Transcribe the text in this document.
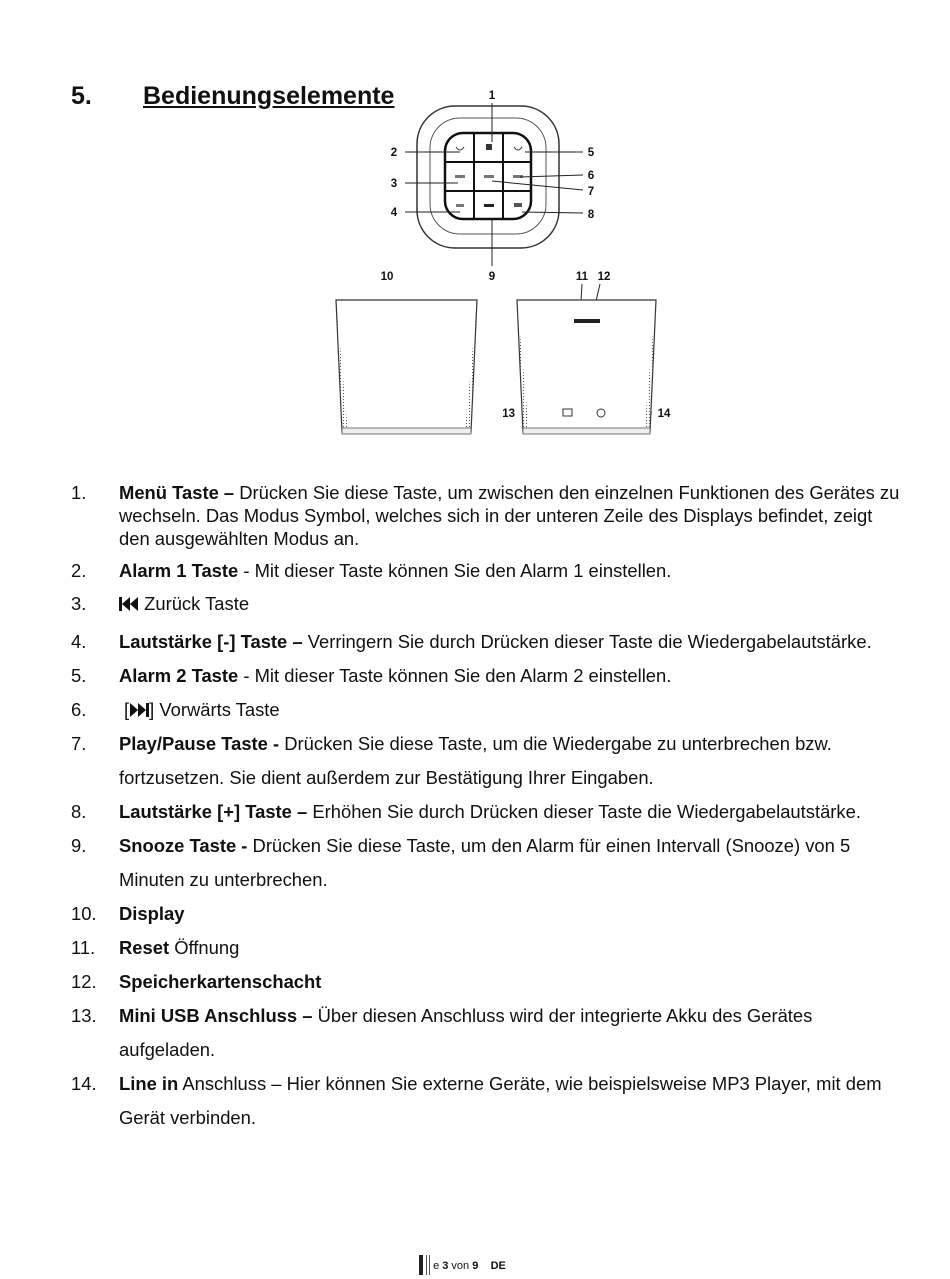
5. Bedienungselemente	1
2
3
4
5
6
7
8
9
10	11 12
13	14
1. Menü Taste – Drücken Sie diese Taste, um zwischen den einzelnen Funktionen des Gerätes zu wechseln. Das Modus Symbol, welches sich in der unteren Zeile des Displays befindet, zeigt den ausgewählten Modus an.
2. Alarm 1 Taste - Mit dieser Taste können Sie den Alarm 1 einstellen.
3.	Zurück Taste
4. Lautstärke [-] Taste – Verringern Sie durch Drücken dieser Taste die Wiedergabelautstärke.
5. Alarm 2 Taste - Mit dieser Taste können Sie den Alarm 2 einstellen.
6. [ ] Vorwärts Taste
7. Play/Pause Taste - Drücken Sie diese Taste, um die Wiedergabe zu unterbrechen bzw. fortzusetzen. Sie dient außerdem zur Bestätigung Ihrer Eingaben.
8. Lautstärke [+] Taste – Erhöhen Sie durch Drücken dieser Taste die Wiedergabelautstärke.
9. Snooze Taste - Drücken Sie diese Taste, um den Alarm für einen Intervall (Snooze) von 5 Minuten zu unterbrechen.
10. Display
11. Reset Öffnung
12. Speicherkartenschacht
13. Mini USB Anschluss – Über diesen Anschluss wird der integrierte Akku des Gerätes aufgeladen.
14. Line in Anschluss – Hier können Sie externe Geräte, wie beispielsweise MP3 Player, mit dem Gerät verbinden.
e 3 von 9 DE
